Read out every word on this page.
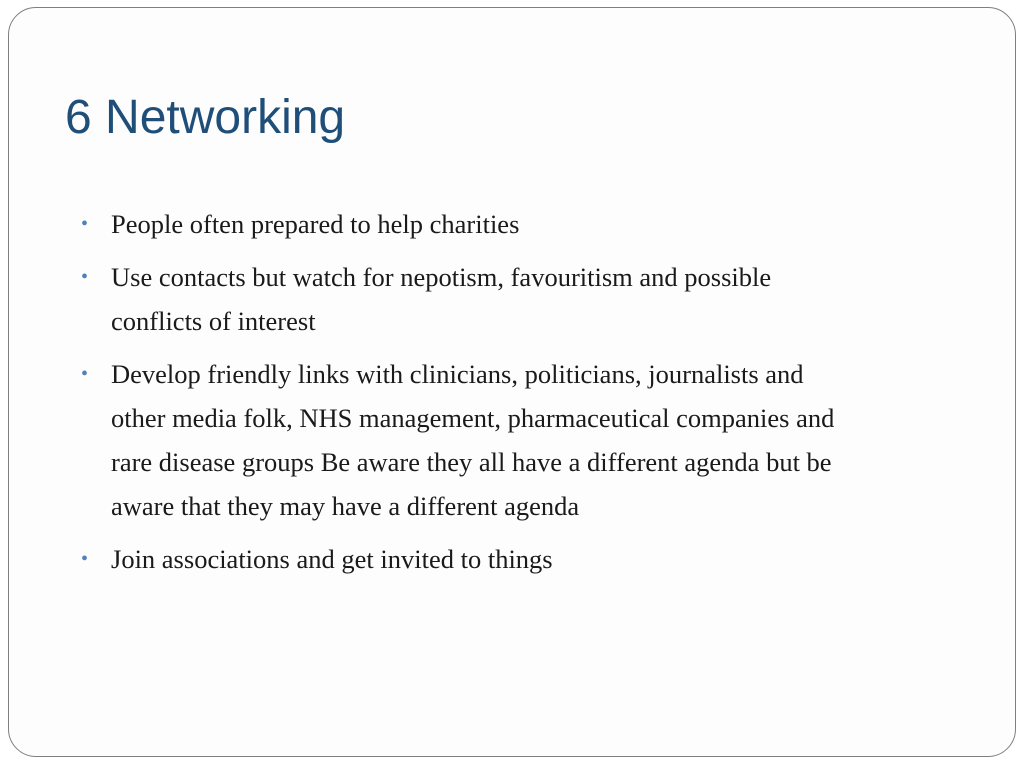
6 Networking
• People often prepared to help charities
• Use contacts but watch for nepotism, favouritism and possible conflicts of interest
• Develop friendly links with clinicians, politicians, journalists and other media folk, NHS management, pharmaceutical companies and  rare disease groups Be aware they all have a different agenda but be aware that they may have a different agenda
• Join associations and get invited to things
